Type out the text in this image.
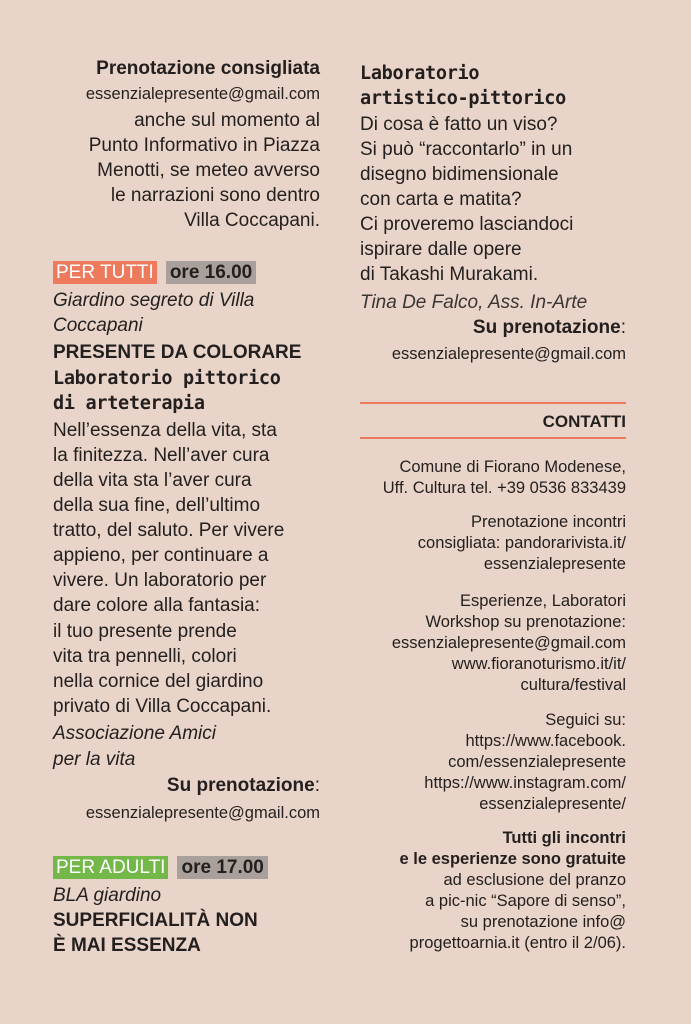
Prenotazione consigliata
essenzialepresente@gmail.com
anche sul momento al
Punto Informativo in Piazza
Menotti, se meteo avverso
le narrazioni sono dentro
Villa Coccapani.
PER TUTTI ore 16.00
Giardino segreto di Villa
Coccapani
PRESENTE DA COLORARE
Laboratorio pittorico
di arteterapia
Nell’essenza della vita, sta
la finitezza. Nell’aver cura
della vita sta l’aver cura
della sua fine, dell’ultimo
tratto, del saluto. Per vivere
appieno, per continuare a
vivere. Un laboratorio per
dare colore alla fantasia:
il tuo presente prende
vita tra pennelli, colori
nella cornice del giardino
privato di Villa Coccapani.
Associazione Amici
per la vita
Su prenotazione:
essenzialepresente@gmail.com
PER ADULTI ore 17.00
BLA giardino
SUPERFICIALITÀ NON
È MAI ESSENZA
Laboratorio
artistico-pittorico
Di cosa è fatto un viso?
Si può “raccontarlo” in un
disegno bidimensionale
con carta e matita?
Ci proveremo lasciandoci
ispirare dalle opere
di Takashi Murakami.
Tina De Falco, Ass. In-Arte
Su prenotazione:
essenzialepresente@gmail.com
CONTATTI
Comune di Fiorano Modenese,
Uff. Cultura tel. +39 0536 833439
Prenotazione incontri
consigliata: pandorarivista.it/
essenzialepresente
Esperienze, Laboratori
Workshop su prenotazione:
essenzialepresente@gmail.com
www.fioranoturismo.it/it/
cultura/festival
Seguici su:
https://www.facebook.
com/essenzialepresente
https://www.instagram.com/
essenzialepresente/
Tutti gli incontri
e le esperienze sono gratuite
ad esclusione del pranzo
a pic-nic “Sapore di senso”,
su prenotazione info@
progettoarnia.it (entro il 2/06).
